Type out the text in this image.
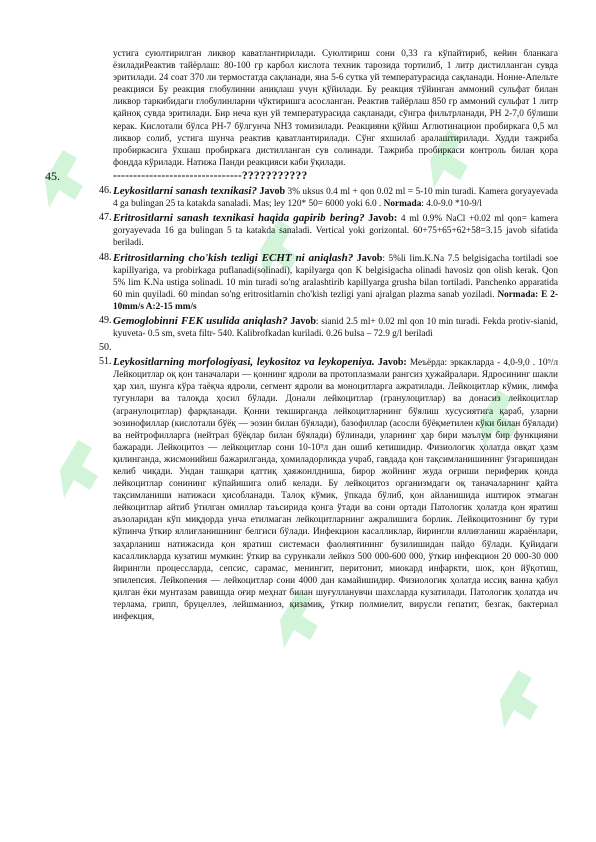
устига суюлтирилган ликвор каватлантирилади. Суюлтириш сони 0,33 га кўпайтириб, кейин бланкага ёзиладиРеактив тайёрлаш: 80-100 гр карбол кислота техник тарозида тортилиб, 1 литр дистилланган сувда эритилади. 24 соат 370 ли термостатда сақланади, яна 5-6 сутка уй температурасида сақланади. Нонне-Апельте реакцияси Бу реакция глобулинни аниқлаш учун қўйилади. Бу реакция тўйинган аммоний сульфат билан ликвор таркибидаги глобулинларни чўктиришга асосланган. Реактив тайёрлаш 850 гр аммоний сульфат 1 литр қайноқ сувда эритилади. Бир неча кун уй температурасида сақланади, сўнгра фильтрланади, РН 2-7,0 бўлиши керак. Кислотали бўлса РН-7 бўлгунча NH3 томизилади. Реакцияни қўйиш Аглютинацион пробиркага 0,5 мл ликвор солиб, устига шунча реактив қаватлантирилади. Сўнг яхшилаб аралаштирилади. Худди тажриба пробиркасига ўхшаш пробиркага дистилланган сув солинади. Тажриба пробиркаси контроль билан қора фондда кўрилади. Натижа Панди реакцияси каби ўқилади.

45.	--------------------------------???????????
46. Leykositlarni sanash texnikasi? Javob 3% uksus 0.4 ml + qon 0.02 ml = 5-10 min turadi. Kamera goryayevada 4 ga bulingan 25 ta katakda sanaladi. Mas; ley 120* 50= 6000 yoki 6.0 . Normada: 4.0-9.0 *10-9/l

47. Eritrositlarni sanash texnikasi haqida gapirib bering? Javob: 4 ml 0.9% NaCl +0.02 ml qon= kamera goryayevada 16 ga bulingan 5 ta katakda sanaladi. Vertical yoki gorizontal. 60+75+65+62+58=3.15 javob sifatida beriladi.

48. Eritrositlarning cho'kish tezligi ECHT ni aniqlash? Javob: 5%li lim.K.Na 7.5 belgisigacha tortiladi soe kapillyariga, va probirkaga puflanadi(solinadi), kapilyarga qon K belgisigacha olinadi havosiz qon olish kerak. Qon 5% lim K.Na ustiga solinadi. 10 min turadi so'ng aralashtirib kapillyarga grusha bilan tortiladi. Panchenko apparatida 60 min quyiladi. 60 mindan so'ng eritrositlarnin cho'kish tezligi yani ajralgan plazma sanab yoziladi. Normada: E 2-10mm/s A:2-15 mm/s

49. Gemoglobinni FEK usulida aniqlash? Javob: sianid 2.5 ml+ 0.02 ml qon 10 min turadi. Fekda protiv-sianid, kyuveta- 0.5 sm, sveta filtr- 540. Kalibrofkadan kuriladi. 0.26 bulsa – 72.9 g/l beriladi

50.
51. Leykositlarning morfologiyasi, leykositoz va leykopeniya. Javob: Меъёрда: эркакларда - 4,0-9,0 . 10⁹/л Лейкоцитлар оқ қон таначалари — қоннинг ядроли ва протоплазмали рангсиз ҳужайралари. Ядросининг шакли ҳар хил, шунга кўра таёқча ядроли, сегмент ядроли ва моноцитларга ажратилади. Лейкоцитлар кўмик, лимфа тугунлари ва талоқда ҳосил бўлади. Донали лейкоцитлар (гранулоцитлар) ва донасиз лейкоцитлар (агранулоцитлар) фарқланади. Қонни текширганда лейкоцитларнинг бўялиш хусусиятига қараб, уларни эозинофиллар (кислотали бўёқ — эозин билан бўялади), базофиллар (асосли бўёқметилен кўки билан бўялади) ва нейтрофилларга (нейтрал бўёқлар билан бўялади) бўлинади, уларнинг ҳар бири маълум бир функцияни бажаради. Лейкоцитоз — лейкоцитлар сони 10-10⁹л дан ошиб кетишидир. Физиологик ҳолатда овқат ҳазм қилинганда, жисмонийиш бажарилганда, ҳомиладорликда учраб, гавдада қон тақсимланишининг ўзгаришидан келиб чиқади. Ундан ташқари қаттиқ ҳаяжонлдниша, бирор жойнинг жуда оғриши периферик қонда лейкоцитлар сонининг кўпайишига олиб келади. Бу лейкоцитоз организмдаги оқ таначаларнинг қайта тақсимланиши натижаси ҳисобланади. Талоқ кўмик, ўпкада бўлиб, қон айланишида иштирок этмаган лейкоцитлар айтиб ўтилган омиллар таъсирида қонга ўтади ва сони ортади Патологик ҳолатда қон яратиш аъзоларидан кўп миқдорда унча етилмаган лейкоцитларнинг ажралишига борлик. Лейкоцитознинг бу тури кўпинча ўткир яллиғланишнинг белгиси бўлади. Инфекцион касалликлар, йирингли яллиғланиш жараёнлари, заҳарланиш натижасида қон яратиш системаси фаолиятининг бузилишидан пайдо бўлади. Қуйидаги касалликларда кузатиш мумкин: ўткир ва сурункали лейкоз 500 000-600 000, ўткир инфекцион 20 000-30 000 йирингли процессларда, сепсис, сарамас, менингит, перитонит, миокард инфаркти, шок, қон йўқотиш, эпилепсия. Лейкопения — лейкоцитлар сони 4000 дан камайишидир. Физиологик ҳолатда иссиқ ванна қабул қилган ёки мунтазам равишда оғир меҳнат билан шуғулланувчи шахсларда кузатилади. Патологик ҳолатда ич терлама, грипп, бруцеллез, лейшманиоз, қизамиқ, ўткир полмиелит, вирусли гепатит, безгак, бактериал инфекция,
